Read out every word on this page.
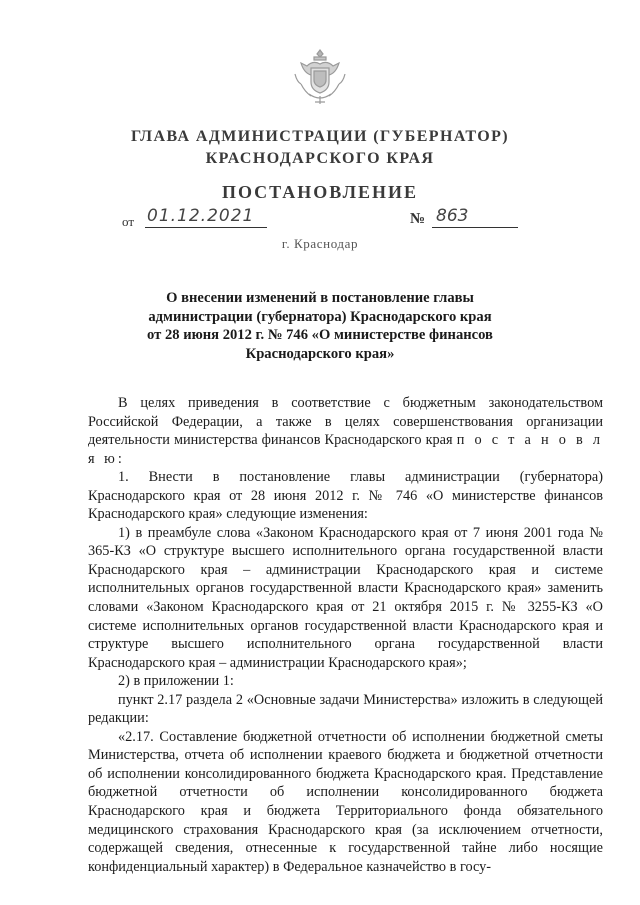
ГЛАВА АДМИНИСТРАЦИИ (ГУБЕРНАТОР)
КРАСНОДАРСКОГО КРАЯ
ПОСТАНОВЛЕНИЕ
от 01.12.2021	№ 863
г. Краснодар
О внесении изменений в постановление главы
администрации (губернатора) Краснодарского края
от 28 июня 2012 г. № 746 «О министерстве финансов
Краснодарского края»

В целях приведения в соответствие с бюджетным законодательством Российской Федерации, а также в целях совершенствования организации деятельности министерства финансов Краснодарского края п о с т а н о в л я ю:

1. Внести в постановление главы администрации (губернатора) Краснодарского края от 28 июня 2012 г. № 746 «О министерстве финансов Краснодарского края» следующие изменения:

1) в преамбуле слова «Законом Краснодарского края от 7 июня 2001 года № 365-КЗ «О структуре высшего исполнительного органа государственной власти Краснодарского края – администрации Краснодарского края и системе исполнительных органов государственной власти Краснодарского края» заменить словами «Законом Краснодарского края от 21 октября 2015 г. № 3255-КЗ «О системе исполнительных органов государственной власти Краснодарского края и структуре высшего исполнительного органа государственной власти Краснодарского края – администрации Краснодарского края»;

2) в приложении 1:

пункт 2.17 раздела 2 «Основные задачи Министерства» изложить в следующей редакции:

«2.17. Составление бюджетной отчетности об исполнении бюджетной сметы Министерства, отчета об исполнении краевого бюджета и бюджетной отчетности об исполнении консолидированного бюджета Краснодарского края. Представление бюджетной отчетности об исполнении консолидированного бюджета Краснодарского края и бюджета Территориального фонда обязательного медицинского страхования Краснодарского края (за исключением отчетности, содержащей сведения, отнесенные к государственной тайне либо носящие конфиденциальный характер) в Федеральное казначейство в госу-
